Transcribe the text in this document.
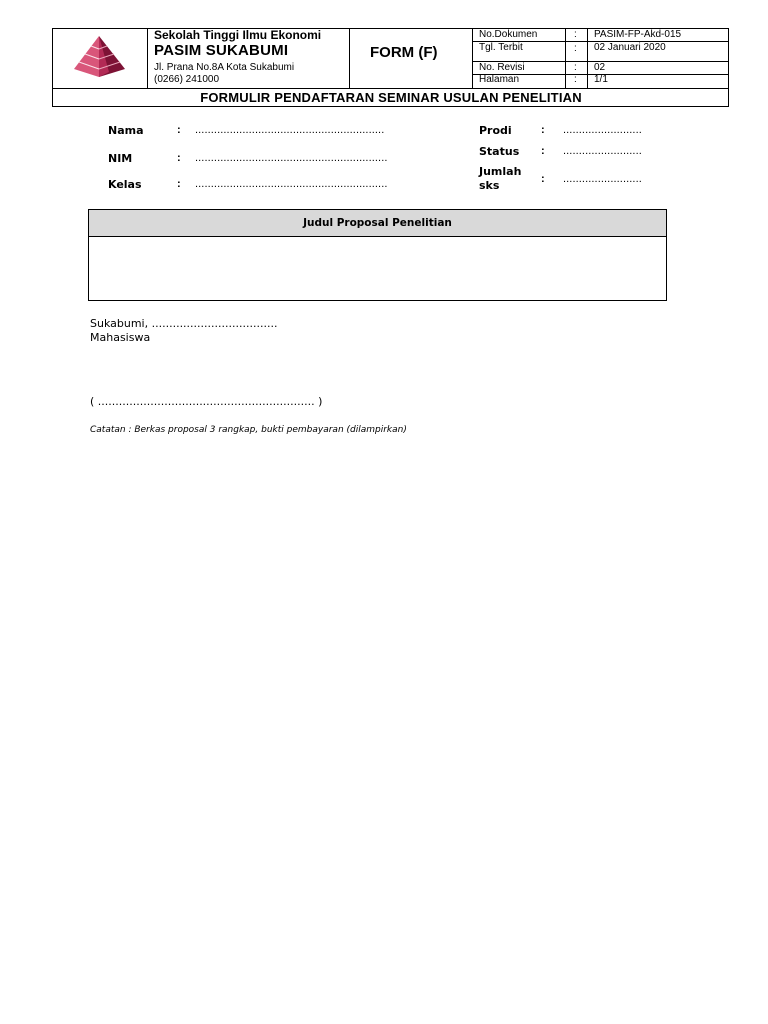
Sekolah Tinggi Ilmu Ekonomi
PASIM SUKABUMI
Jl. Prana No.8A Kota Sukabumi
(0266) 241000
FORM (F)
No.Dokumen	: PASIM-FP-Akd-015
Tgl. Terbit	: 02 Januari 2020
No. Revisi	: 02
Halaman	: 1/1
FORMULIR PENDAFTARAN SEMINAR USULAN PENELITIAN
Nama	: ............................................................
NIM	: .............................................................
Kelas	: .............................................................
Prodi	: .........................
Status : .........................
Jumlah
sks	: .........................
Judul Proposal Penelitian
Sukabumi, ....................................
Mahasiswa
( .............................................................. )
Catatan : Berkas proposal 3 rangkap, bukti pembayaran (dilampirkan)
